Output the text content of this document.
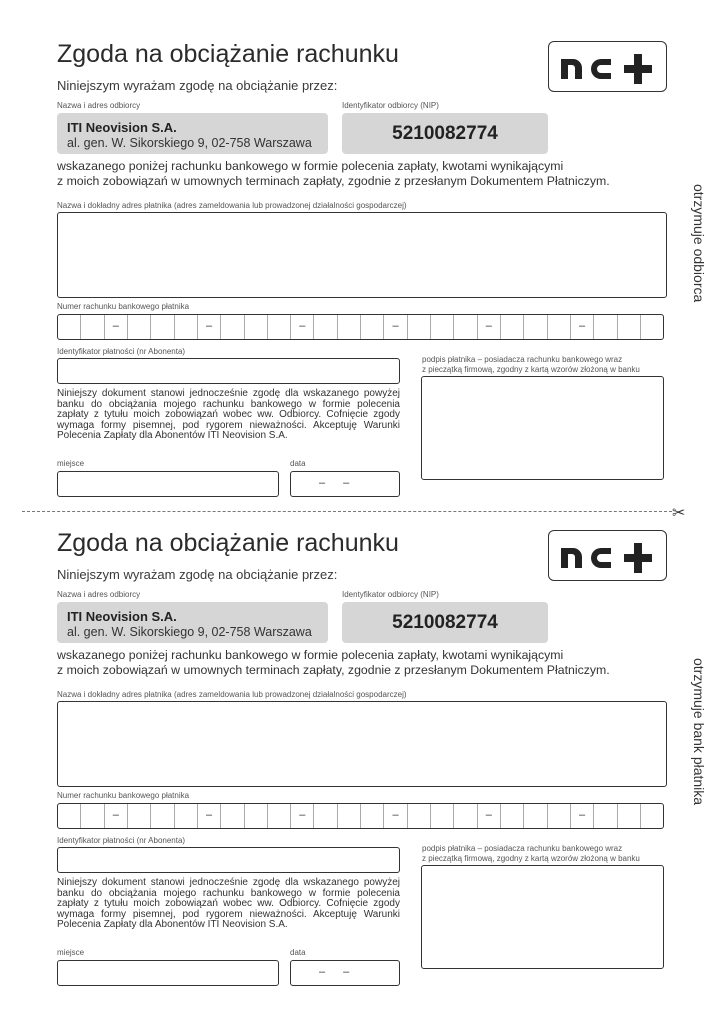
Zgoda na obciążanie rachunku
Niniejszym wyrażam zgodę na obciążanie przez:
Nazwa i adres odbiorcy
ITI Neovision S.A.
al. gen. W. Sikorskiego 9, 02-758 Warszawa
Identyfikator odbiorcy (NIP)
5210082774
wskazanego poniżej rachunku bankowego w formie polecenia zapłaty, kwotami wynikającymi
z moich zobowiązań w umownych terminach zapłaty, zgodnie z przesłanym Dokumentem Płatniczym.
Nazwa i dokładny adres płatnika (adres zameldowania lub prowadzonej działalności gospodarczej)
Numer rachunku bankowego płatnika
–	–	–	–	–	–
Identyfikator płatności (nr Abonenta)
Niniejszy dokument stanowi jednocześnie zgodę dla wskazanego powyżej banku do obciążania mojego rachunku bankowego w formie polecenia zapłaty z tytułu moich zobowiązań wobec ww. Odbiorcy. Cofnięcie zgody wymaga formy pisemnej, pod rygorem nieważności. Akceptuję Warunki Polecenia Zapłaty dla Abonentów ITI Neovision S.A.
podpis płatnika – posiadacza rachunku bankowego wraz
z pieczątką firmową, zgodny z kartą wzorów złożoną w banku
miejsce	data
– –
otrzymuje odbiorca
Zgoda na obciążanie rachunku
Niniejszym wyrażam zgodę na obciążanie przez:
Nazwa i adres odbiorcy
ITI Neovision S.A.
al. gen. W. Sikorskiego 9, 02-758 Warszawa
Identyfikator odbiorcy (NIP)
5210082774
wskazanego poniżej rachunku bankowego w formie polecenia zapłaty, kwotami wynikającymi
z moich zobowiązań w umownych terminach zapłaty, zgodnie z przesłanym Dokumentem Płatniczym.
Nazwa i dokładny adres płatnika (adres zameldowania lub prowadzonej działalności gospodarczej)
Numer rachunku bankowego płatnika
–	–	–	–	–	–
Identyfikator płatności (nr Abonenta)
Niniejszy dokument stanowi jednocześnie zgodę dla wskazanego powyżej banku do obciążania mojego rachunku bankowego w formie polecenia zapłaty z tytułu moich zobowiązań wobec ww. Odbiorcy. Cofnięcie zgody wymaga formy pisemnej, pod rygorem nieważności. Akceptuję Warunki Polecenia Zapłaty dla Abonentów ITI Neovision S.A.
podpis płatnika – posiadacza rachunku bankowego wraz
z pieczątką firmową, zgodny z kartą wzorów złożoną w banku
miejsce	data
– –
otrzymuje bank płatnika
✂
